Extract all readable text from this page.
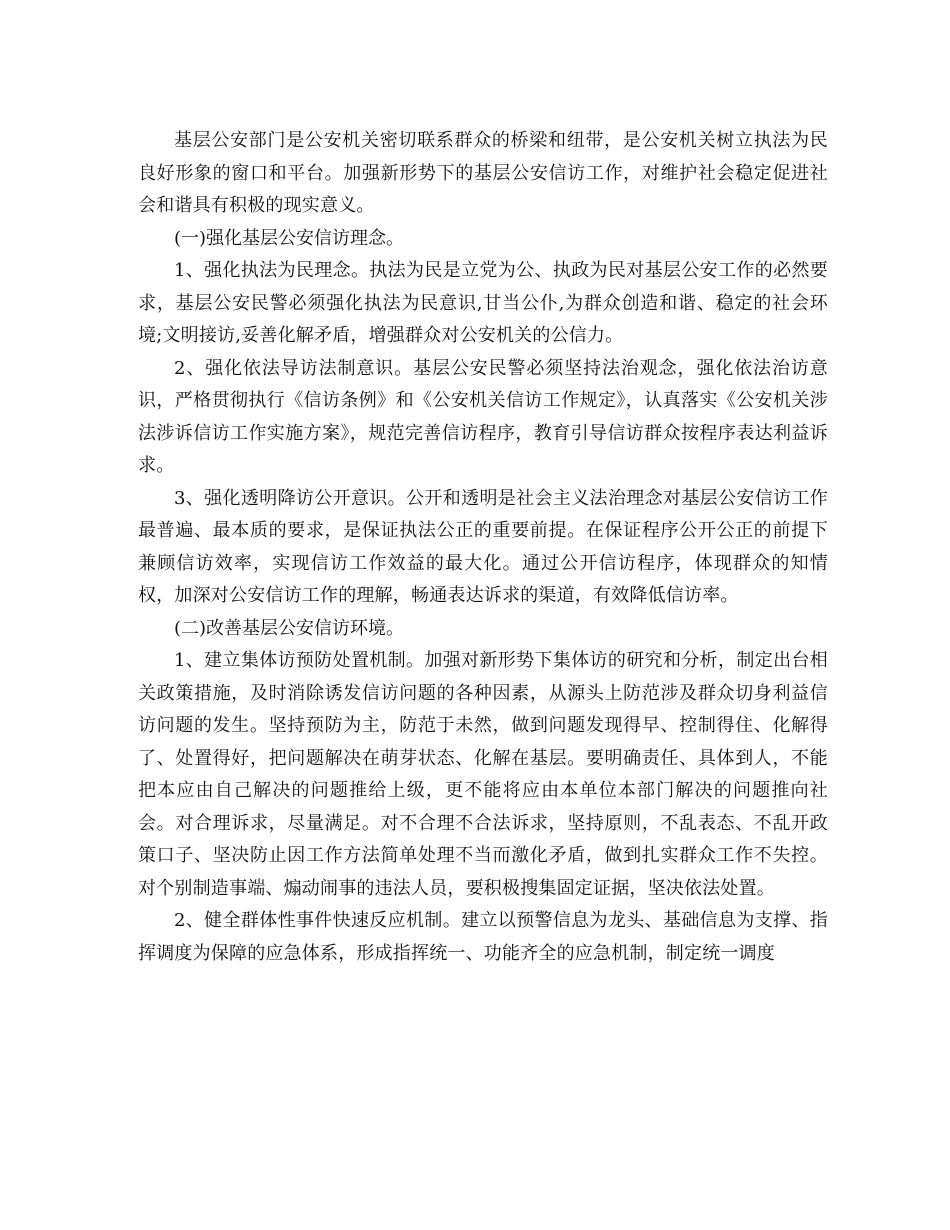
基层公安部门是公安机关密切联系群众的桥梁和纽带，是公安机关树立执法为民良好形象的窗口和平台。加强新形势下的基层公安信访工作，对维护社会稳定促进社会和谐具有积极的现实意义。

(一)强化基层公安信访理念。

1、强化执法为民理念。执法为民是立党为公、执政为民对基层公安工作的必然要求，基层公安民警必须强化执法为民意识,甘当公仆,为群众创造和谐、稳定的社会环境;文明接访,妥善化解矛盾，增强群众对公安机关的公信力。

2、强化依法导访法制意识。基层公安民警必须坚持法治观念，强化依法治访意识，严格贯彻执行《信访条例》和《公安机关信访工作规定》，认真落实《公安机关涉法涉诉信访工作实施方案》，规范完善信访程序，教育引导信访群众按程序表达利益诉求。

3、强化透明降访公开意识。公开和透明是社会主义法治理念对基层公安信访工作最普遍、最本质的要求，是保证执法公正的重要前提。在保证程序公开公正的前提下兼顾信访效率，实现信访工作效益的最大化。通过公开信访程序，体现群众的知情权，加深对公安信访工作的理解，畅通表达诉求的渠道，有效降低信访率。

(二)改善基层公安信访环境。

1、建立集体访预防处置机制。加强对新形势下集体访的研究和分析，制定出台相关政策措施，及时消除诱发信访问题的各种因素，从源头上防范涉及群众切身利益信访问题的发生。坚持预防为主，防范于未然，做到问题发现得早、控制得住、化解得了、处置得好，把问题解决在萌芽状态、化解在基层。要明确责任、具体到人，不能把本应由自己解决的问题推给上级，更不能将应由本单位本部门解决的问题推向社会。对合理诉求，尽量满足。对不合理不合法诉求，坚持原则，不乱表态、不乱开政策口子、坚决防止因工作方法简单处理不当而激化矛盾，做到扎实群众工作不失控。对个别制造事端、煽动闹事的违法人员，要积极搜集固定证据，坚决依法处置。

2、健全群体性事件快速反应机制。建立以预警信息为龙头、基础信息为支撑、指挥调度为保障的应急体系，形成指挥统一、功能齐全的应急机制，制定统一调度
